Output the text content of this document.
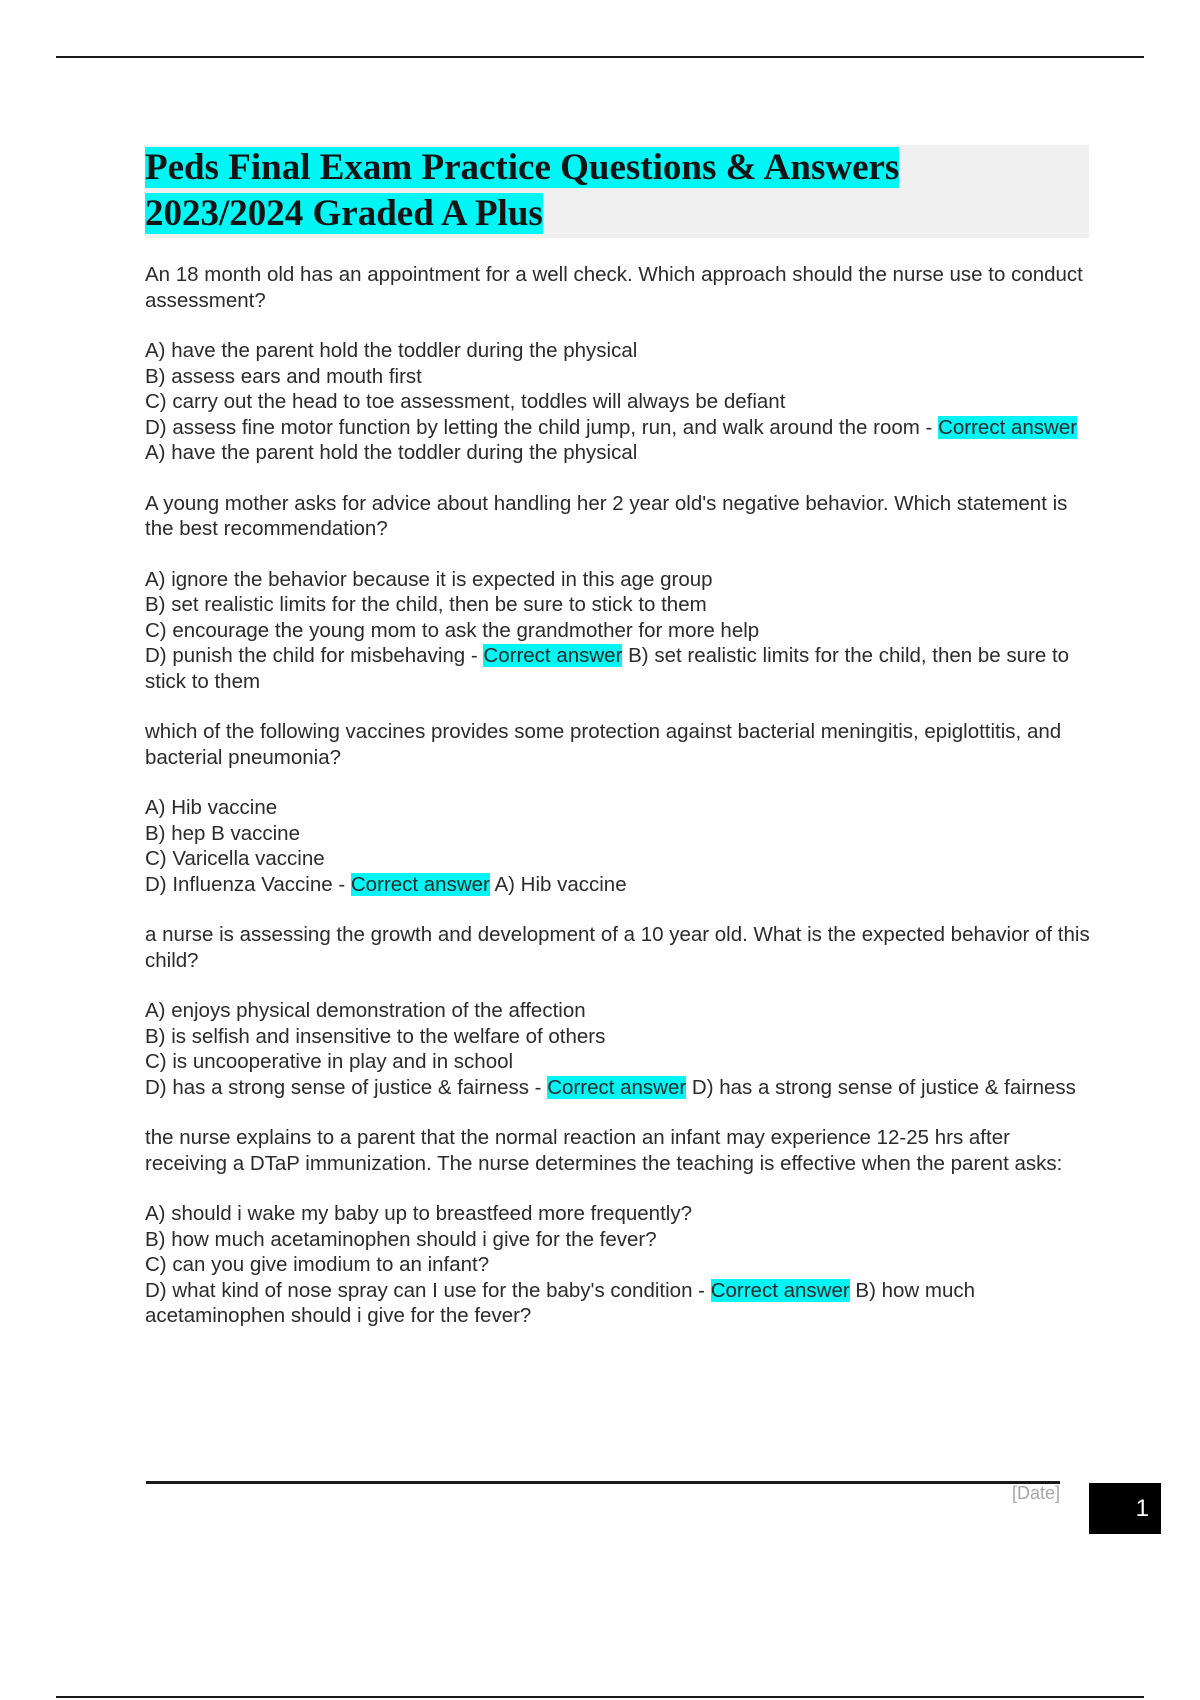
Peds Final Exam Practice Questions & Answers
2023/2024 Graded A Plus

An 18 month old has an appointment for a well check. Which approach should the nurse use to conduct assessment?

A) have the parent hold the toddler during the physical
B) assess ears and mouth first
C) carry out the head to toe assessment, toddles will always be defiant
D) assess fine motor function by letting the child jump, run, and walk around the room - Correct answer A) have the parent hold the toddler during the physical

A young mother asks for advice about handling her 2 year old's negative behavior. Which statement is the best recommendation?

A) ignore the behavior because it is expected in this age group
B) set realistic limits for the child, then be sure to stick to them
C) encourage the young mom to ask the grandmother for more help
D) punish the child for misbehaving - Correct answer B) set realistic limits for the child, then be sure to stick to them

which of the following vaccines provides some protection against bacterial meningitis, epiglottitis, and bacterial pneumonia?

A) Hib vaccine
B) hep B vaccine
C) Varicella vaccine
D) Influenza Vaccine - Correct answer A) Hib vaccine

a nurse is assessing the growth and development of a 10 year old. What is the expected behavior of this child?

A) enjoys physical demonstration of the affection
B) is selfish and insensitive to the welfare of others
C) is uncooperative in play and in school
D) has a strong sense of justice & fairness - Correct answer D) has a strong sense of justice & fairness

the nurse explains to a parent that the normal reaction an infant may experience 12-25 hrs after receiving a DTaP immunization. The nurse determines the teaching is effective when the parent asks:

A) should i wake my baby up to breastfeed more frequently?
B) how much acetaminophen should i give for the fever?
C) can you give imodium to an infant?
D) what kind of nose spray can I use for the baby's condition - Correct answer B) how much acetaminophen should i give for the fever?
[Date]
1
